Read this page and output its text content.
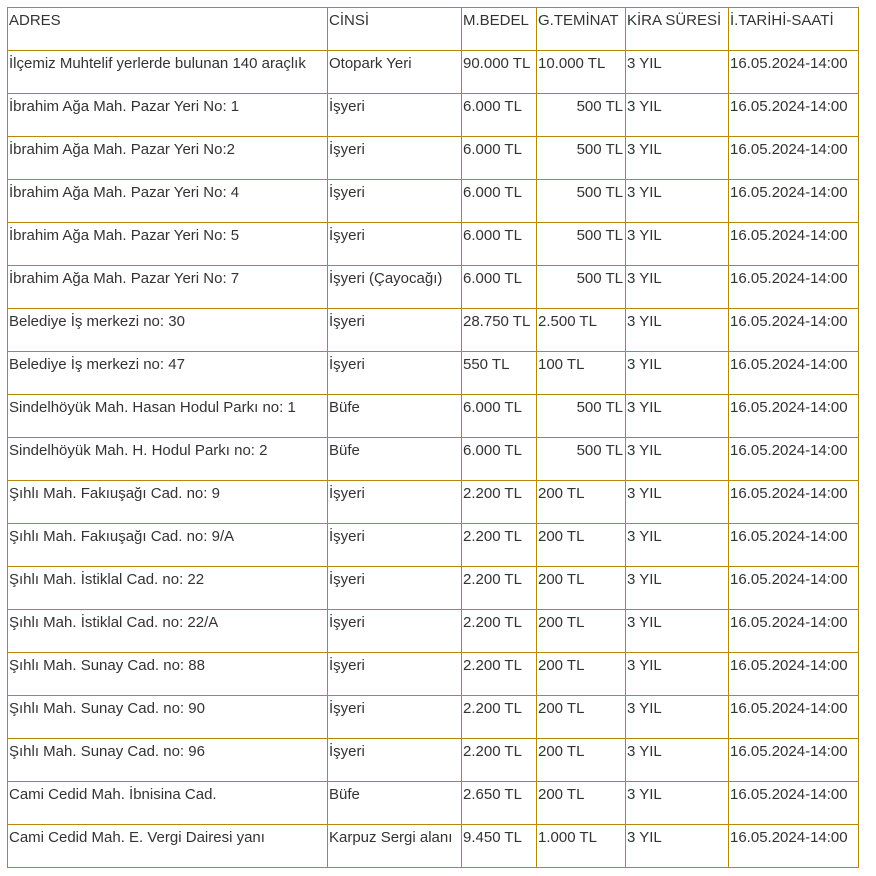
ADRES	CİNSİ	M.BEDEL	G.TEMİNAT	KİRA SÜRESİ	İ.TARİHİ-SAATİ
İlçemiz Muhtelif yerlerde bulunan 140 araçlık	Otopark Yeri	90.000 TL	10.000 TL	3 YIL	16.05.2024-14:00
İbrahim Ağa Mah. Pazar Yeri No: 1	İşyeri	6.000 TL	500 TL	3 YIL	16.05.2024-14:00
İbrahim Ağa Mah. Pazar Yeri No:2	İşyeri	6.000 TL	500 TL	3 YIL	16.05.2024-14:00
İbrahim Ağa Mah. Pazar Yeri No: 4	İşyeri	6.000 TL	500 TL	3 YIL	16.05.2024-14:00
İbrahim Ağa Mah. Pazar Yeri No: 5	İşyeri	6.000 TL	500 TL	3 YIL	16.05.2024-14:00
İbrahim Ağa Mah. Pazar Yeri No: 7	İşyeri (Çayocağı)	6.000 TL	500 TL	3 YIL	16.05.2024-14:00
Belediye İş merkezi no: 30	İşyeri	28.750 TL	2.500 TL	3 YIL	16.05.2024-14:00
Belediye İş merkezi no: 47	İşyeri	550 TL	100 TL	3 YIL	16.05.2024-14:00
Sindelhöyük Mah. Hasan Hodul Parkı no: 1	Büfe	6.000 TL	500 TL	3 YIL	16.05.2024-14:00
Sindelhöyük Mah. H. Hodul Parkı no: 2	Büfe	6.000 TL	500 TL	3 YIL	16.05.2024-14:00
Şıhlı Mah. Fakıuşağı Cad. no: 9	İşyeri	2.200 TL	200 TL	3 YIL	16.05.2024-14:00
Şıhlı Mah. Fakıuşağı Cad. no: 9/A	İşyeri	2.200 TL	200 TL	3 YIL	16.05.2024-14:00
Şıhlı Mah. İstiklal Cad. no: 22	İşyeri	2.200 TL	200 TL	3 YIL	16.05.2024-14:00
Şıhlı Mah. İstiklal Cad. no: 22/A	İşyeri	2.200 TL	200 TL	3 YIL	16.05.2024-14:00
Şıhlı Mah. Sunay Cad. no: 88	İşyeri	2.200 TL	200 TL	3 YIL	16.05.2024-14:00
Şıhlı Mah. Sunay Cad. no: 90	İşyeri	2.200 TL	200 TL	3 YIL	16.05.2024-14:00
Şıhlı Mah. Sunay Cad. no: 96	İşyeri	2.200 TL	200 TL	3 YIL	16.05.2024-14:00
Cami Cedid Mah. İbnisina Cad.	Büfe	2.650 TL	200 TL	3 YIL	16.05.2024-14:00
Cami Cedid Mah. E. Vergi Dairesi yanı	Karpuz Sergi alanı	9.450 TL	1.000 TL	3 YIL	16.05.2024-14:00
